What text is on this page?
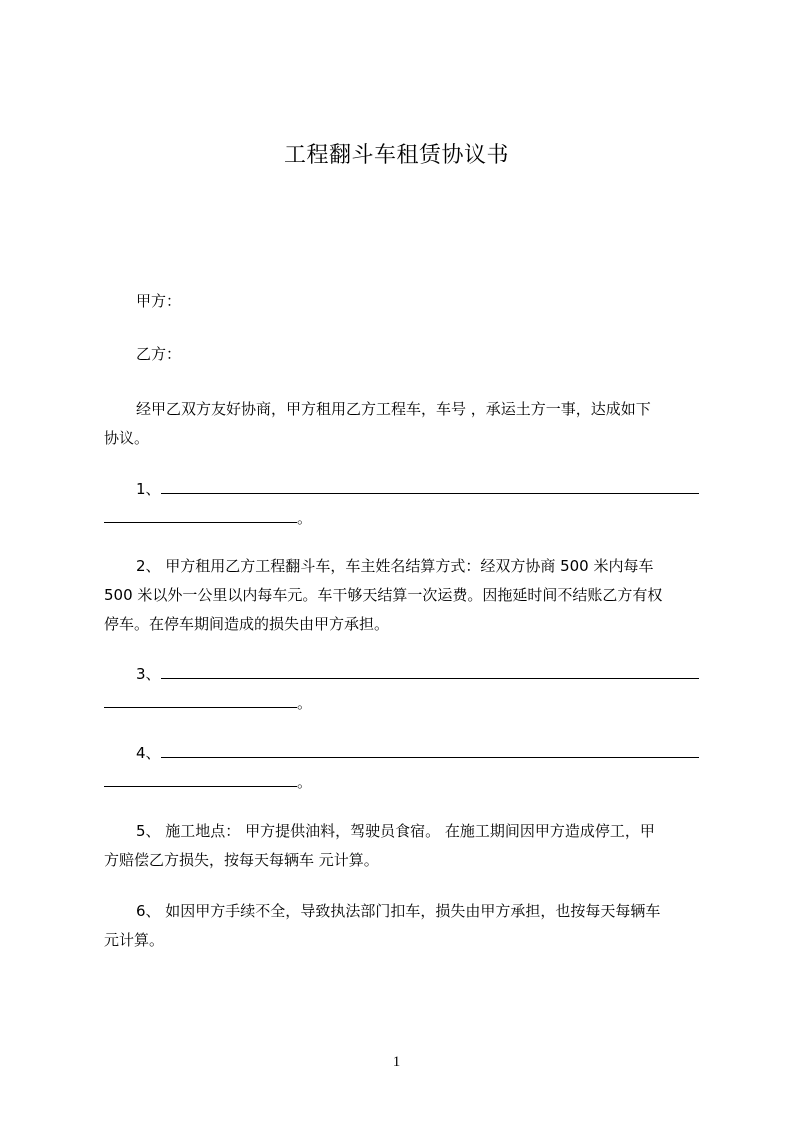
工程翻斗车租赁协议书
甲方：
乙方：
经甲乙双方友好协商，甲方租用乙方工程车，车号 ，承运土方一事，达成如下
协议。
1、
。
2、 甲方租用乙方工程翻斗车，车主姓名结算方式：经双方协商 500 米内每车
500 米以外一公里以内每车元。车干够天结算一次运费。因拖延时间不结账乙方有权
停车。在停车期间造成的损失由甲方承担。
3、
。
4、
。
5、 施工地点： 甲方提供油料，驾驶员食宿。 在施工期间因甲方造成停工，甲
方赔偿乙方损失，按每天每辆车 元计算。
6、 如因甲方手续不全，导致执法部门扣车，损失由甲方承担，也按每天每辆车
元计算。
1
